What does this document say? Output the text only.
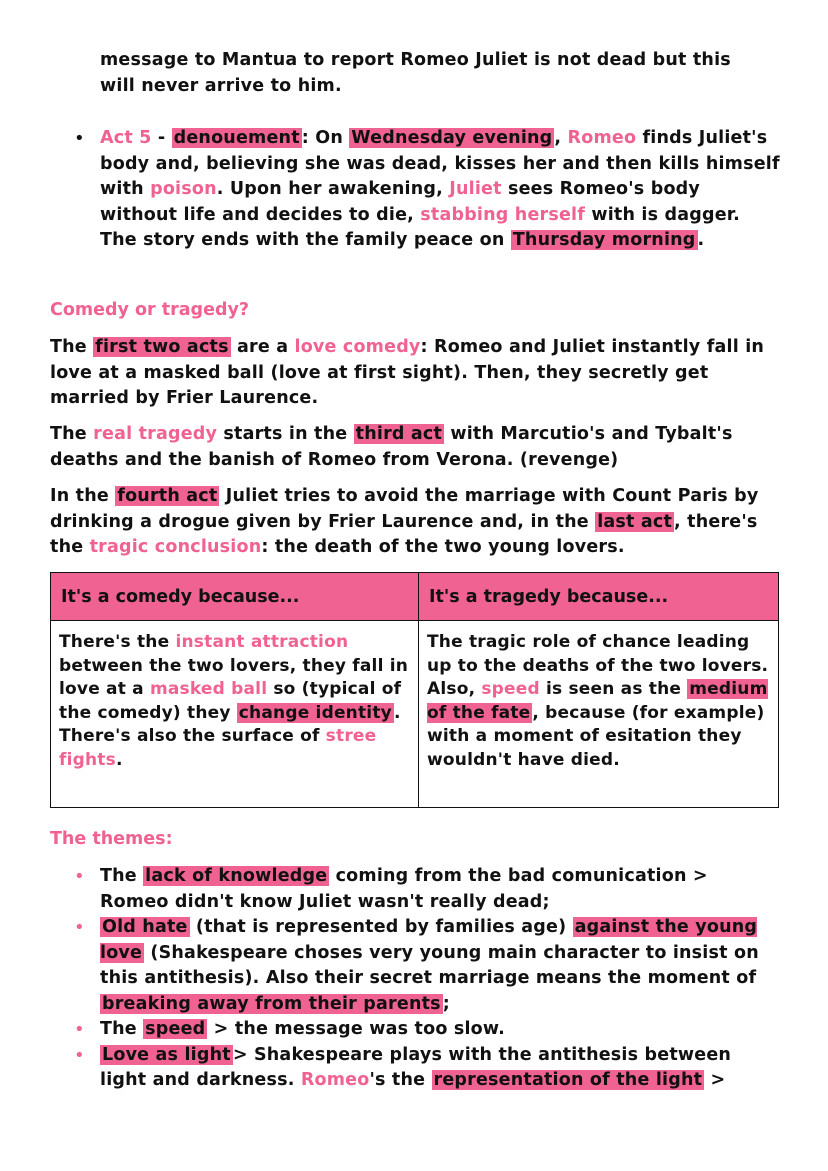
message to Mantua to report Romeo Juliet is not dead but this
will never arrive to him.

• Act 5 - denouement : On Wednesday evening , Romeo finds Juliet's body and, believing she was dead, kisses her and then kills himself with poison. Upon her awakening, Juliet sees Romeo's body without life and decides to die, stabbing herself with is dagger. The story ends with the family peace on Thursday morning .

Comedy or tragedy?

The first two acts are a love comedy: Romeo and Juliet instantly fall in love at a masked ball (love at first sight). Then, they secretly get married by Frier Laurence.

The real tragedy starts in the third act with Marcutio's and Tybalt's deaths and the banish of Romeo from Verona. (revenge)

In the fourth act Juliet tries to avoid the marriage with Count Paris by drinking a drogue given by Frier Laurence and, in the last act , there's the tragic conclusion: the death of the two young lovers.

It's a comedy because...	It's a tragedy because...

There's the instant attraction between the two lovers, they fall in love at a masked ball so (typical of the comedy) they change identity . There's also the surface of stree fights.	The tragic role of chance leading up to the deaths of the two lovers. Also, speed is seen as the medium of the fate , because (for example) with a moment of esitation they wouldn't have died.

The themes:

• The lack of knowledge coming from the bad comunication > Romeo didn't know Juliet wasn't really dead;

• Old hate (that is represented by families age) against the young love (Shakespeare choses very young main character to insist on this antithesis). Also their secret marriage means the moment of breaking away from their parents ;

• The speed > the message was too slow.

• Love as light > Shakespeare plays with the antithesis between light and darkness. Romeo's the representation of the light >
